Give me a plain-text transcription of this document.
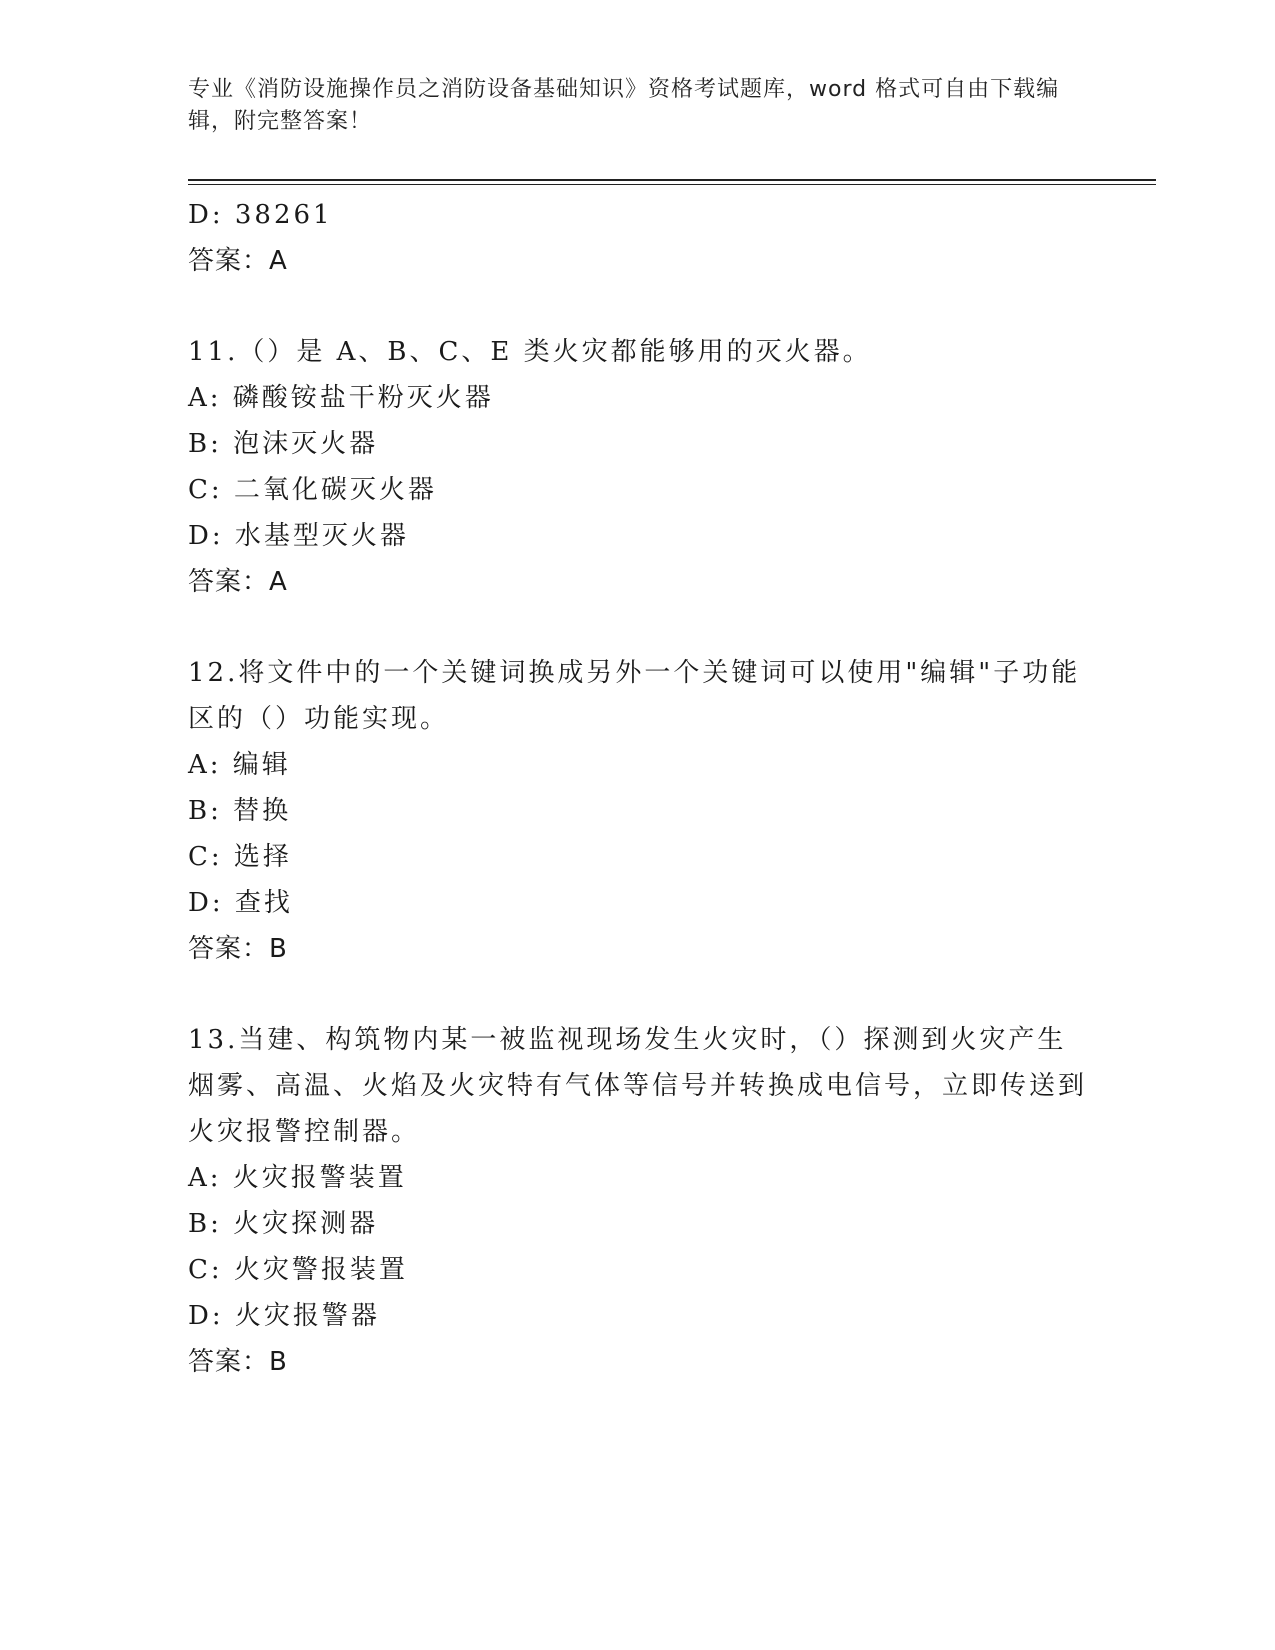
专业《消防设施操作员之消防设备基础知识》资格考试题库，word 格式可自由下载编辑，附完整答案！
D: 38261
答案：A
11.（）是 A、B、C、E 类火灾都能够用的灭火器。
A: 磷酸铵盐干粉灭火器
B: 泡沫灭火器
C: 二氧化碳灭火器
D: 水基型灭火器
答案：A
12.将文件中的一个关键词换成另外一个关键词可以使用"编辑"子功能区的（）功能实现。
A: 编辑
B: 替换
C: 选择
D: 查找
答案：B
13.当建、构筑物内某一被监视现场发生火灾时，（）探测到火灾产生烟雾、高温、火焰及火灾特有气体等信号并转换成电信号，立即传送到火灾报警控制器。
A: 火灾报警装置
B: 火灾探测器
C: 火灾警报装置
D: 火灾报警器
答案：B
